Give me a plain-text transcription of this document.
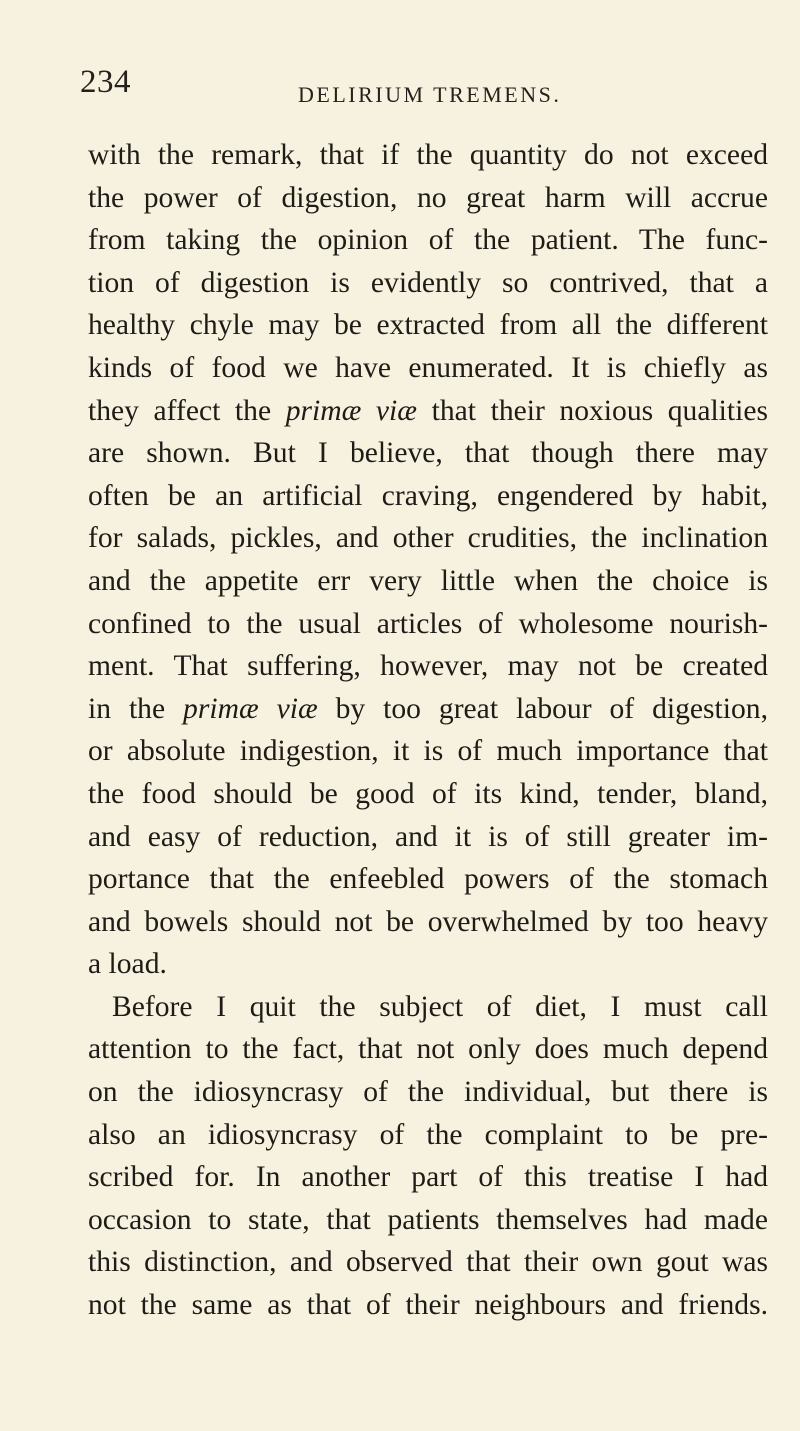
234	DELIRIUM TREMENS.
with the remark, that if the quantity do not exceed
the power of digestion, no great harm will accrue
from taking the opinion of the patient. The func-
tion of digestion is evidently so contrived, that a
healthy chyle may be extracted from all the different
kinds of food we have enumerated. It is chiefly as
they affect the primæ viæ that their noxious qualities
are shown. But I believe, that though there may
often be an artificial craving, engendered by habit,
for salads, pickles, and other crudities, the inclination
and the appetite err very little when the choice is
confined to the usual articles of wholesome nourish-
ment. That suffering, however, may not be created
in the primæ viæ by too great labour of digestion,
or absolute indigestion, it is of much importance that
the food should be good of its kind, tender, bland,
and easy of reduction, and it is of still greater im-
portance that the enfeebled powers of the stomach
and bowels should not be overwhelmed by too heavy
a load.
Before I quit the subject of diet, I must call
attention to the fact, that not only does much depend
on the idiosyncrasy of the individual, but there is
also an idiosyncrasy of the complaint to be pre-
scribed for. In another part of this treatise I had
occasion to state, that patients themselves had made
this distinction, and observed that their own gout was
not the same as that of their neighbours and friends.
